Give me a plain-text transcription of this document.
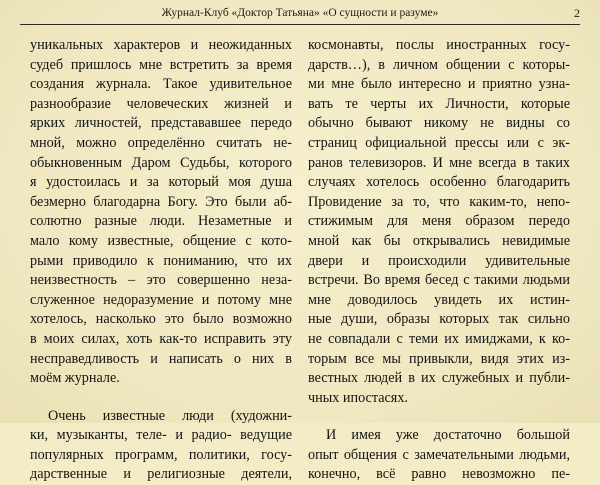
Журнал-Клуб «Доктор Татьяна» «О сущности и разуме»	2

уникальных характеров и неожиданных
судеб пришлось мне встретить за время
создания журнала. Такое удивительное
разнообразие человеческих жизней и
ярких личностей, представавшее передо
мной, можно определённо считать не-
обыкновенным Даром Судьбы, которого
я удостоилась и за который моя душа
безмерно благодарна Богу. Это были аб-
солютно разные люди. Незаметные и
мало кому известные, общение с кото-
рыми приводило к пониманию, что их
неизвестность – это совершенно неза-
служенное недоразумение и потому мне
хотелось, насколько это было возможно
в моих силах, хоть как-то исправить эту
несправедливость и написать о них в
моём журнале.

Очень известные люди (художни-
ки, музыканты, теле- и радио- ведущие
популярных программ, политики, госу-
дарственные и религиозные деятели,

космонавты, послы иностранных госу-
дарств…), в личном общении с которы-
ми мне было интересно и приятно узна-
вать те черты их Личности, которые
обычно бывают никому не видны со
страниц официальной прессы или с эк-
ранов телевизоров. И мне всегда в таких
случаях хотелось особенно благодарить
Провидение за то, что каким-то, непо-
стижимым для меня образом передо
мной как бы открывались невидимые
двери и происходили удивительные
встречи. Во время бесед с такими людьми
мне доводилось увидеть их истин-
ные души, образы которых так сильно
не совпадали с теми их имиджами, к ко-
торым все мы привыкли, видя этих из-
вестных людей в их служебных и публи-
чных ипостасях.

И имея уже достаточно большой
опыт общения с замечательными людьми,
конечно, всё равно невозможно пе-
